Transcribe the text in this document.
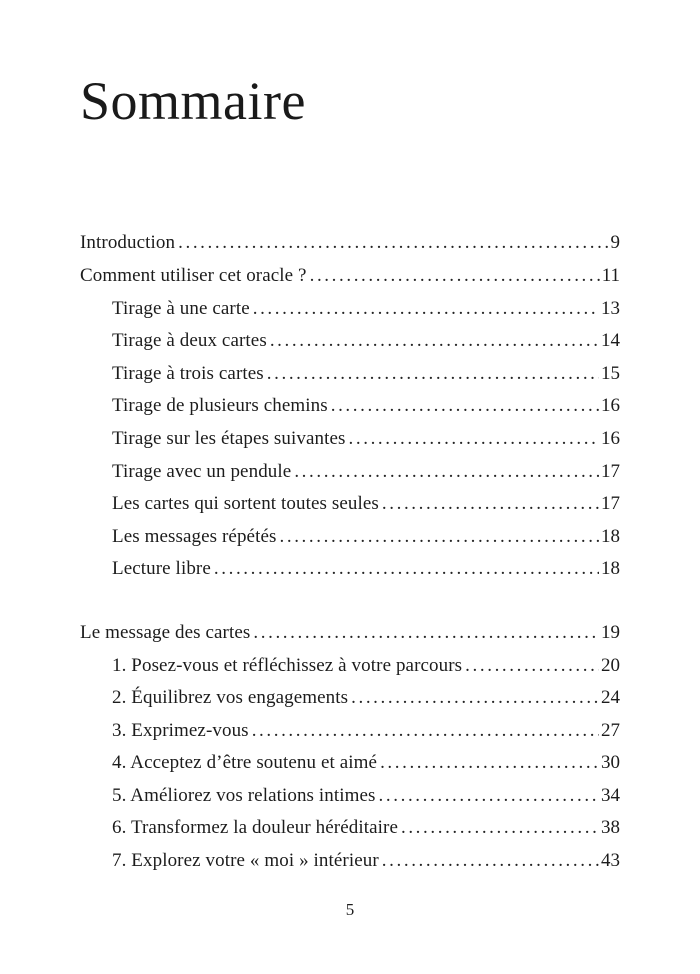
Sommaire
Introduction .....	9
Comment utiliser cet oracle ? .....	11
Tirage à une carte .....	13
Tirage à deux cartes .....	14
Tirage à trois cartes .....	15
Tirage de plusieurs chemins .....	16
Tirage sur les étapes suivantes .....	16
Tirage avec un pendule .....	17
Les cartes qui sortent toutes seules .....	17
Les messages répétés .....	18
Lecture libre .....	18
Le message des cartes .....	19
1. Posez-vous et réfléchissez à votre parcours .....	20
2. Équilibrez vos engagements .....	24
3. Exprimez-vous .....	27
4. Acceptez d’être soutenu et aimé .....	30
5. Améliorez vos relations intimes .....	34
6. Transformez la douleur héréditaire .....	38
7. Explorez votre « moi » intérieur .....	43
5
